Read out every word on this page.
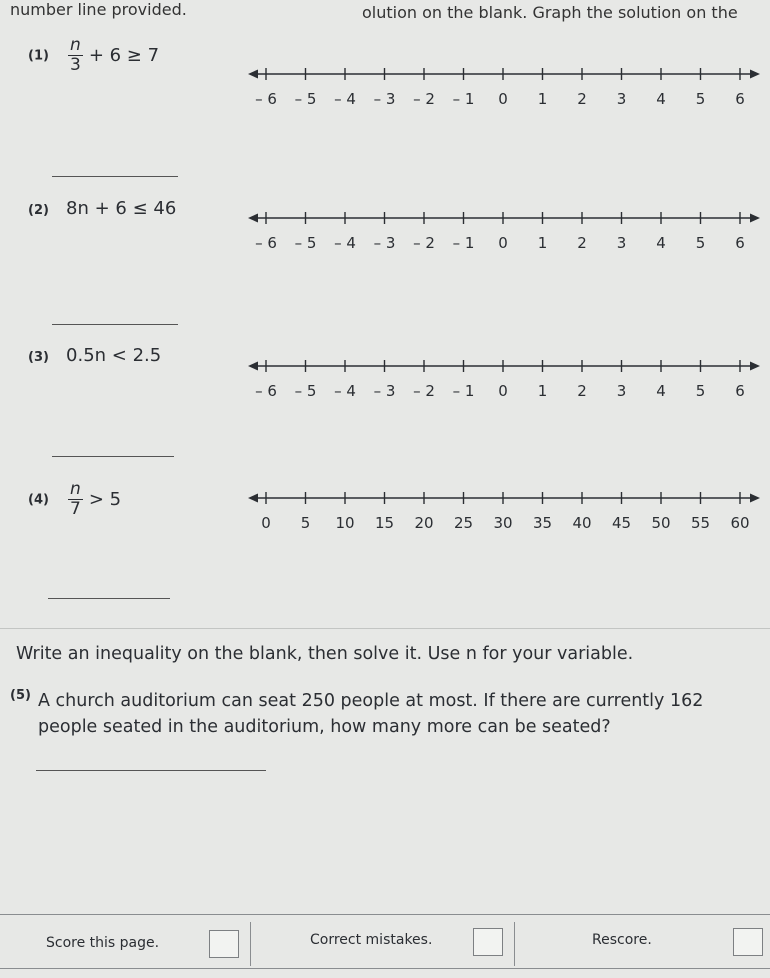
number line provided.	olution on the blank. Graph the solution on the
$(1) \frac{n}{3} + 6 \ge 7$
– 6 – 5 – 4 – 3 – 2 – 1 0 1 2 3 4 5 6
(2) 8n + 6 ≤ 46
– 6 – 5 – 4 – 3 – 2 – 1 0 1 2 3 4 5 6
(3) 0.5n < 2.5
– 6 – 5 – 4 – 3 – 2 – 1 0 1 2 3 4 5 6
$(4) \frac{n}{7} > 5$
0 5 10 15 20 25 30 35 40 45 50 55 60
Write an inequality on the blank, then solve it. Use n for your variable.
(5) A church auditorium can seat 250 people at most. If there are currently 162 people seated in the auditorium, how many more can be seated?
Score this page.	Correct mistakes.	Rescore.
